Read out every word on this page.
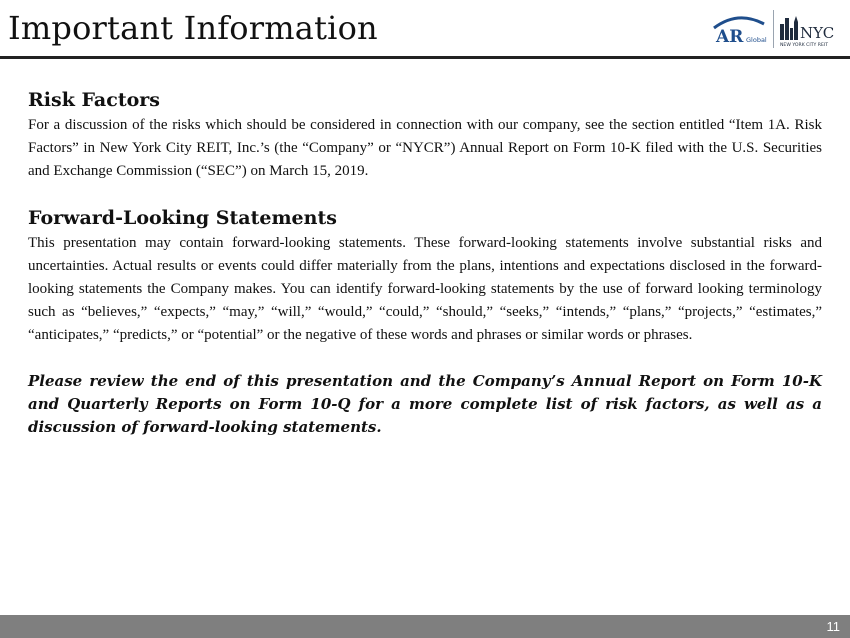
Important Information	AR Global NYC
NEW YORK CITY REIT
Risk Factors

For a discussion of the risks which should be considered in connection with our company, see the section entitled “Item 1A. Risk Factors” in New York City REIT, Inc.’s (the “Company” or “NYCR”) Annual Report on Form 10-K filed with the U.S. Securities and Exchange Commission (“SEC”) on March 15, 2019.

Forward-Looking Statements

This presentation may contain forward-looking statements. These forward-looking statements involve substantial risks and uncertainties. Actual results or events could differ materially from the plans, intentions and expectations disclosed in the forward-looking statements the Company makes. You can identify forward-looking statements by the use of forward looking terminology such as “believes,” “expects,” “may,” “will,” “would,” “could,” “should,” “seeks,” “intends,” “plans,” “projects,” “estimates,” “anticipates,” “predicts,” or “potential” or the negative of these words and phrases or similar words or phrases.

Please review the end of this presentation and the Company’s Annual Report on Form 10-K and Quarterly Reports on Form 10-Q for a more complete list of risk factors, as well as a discussion of forward-looking statements.

11
